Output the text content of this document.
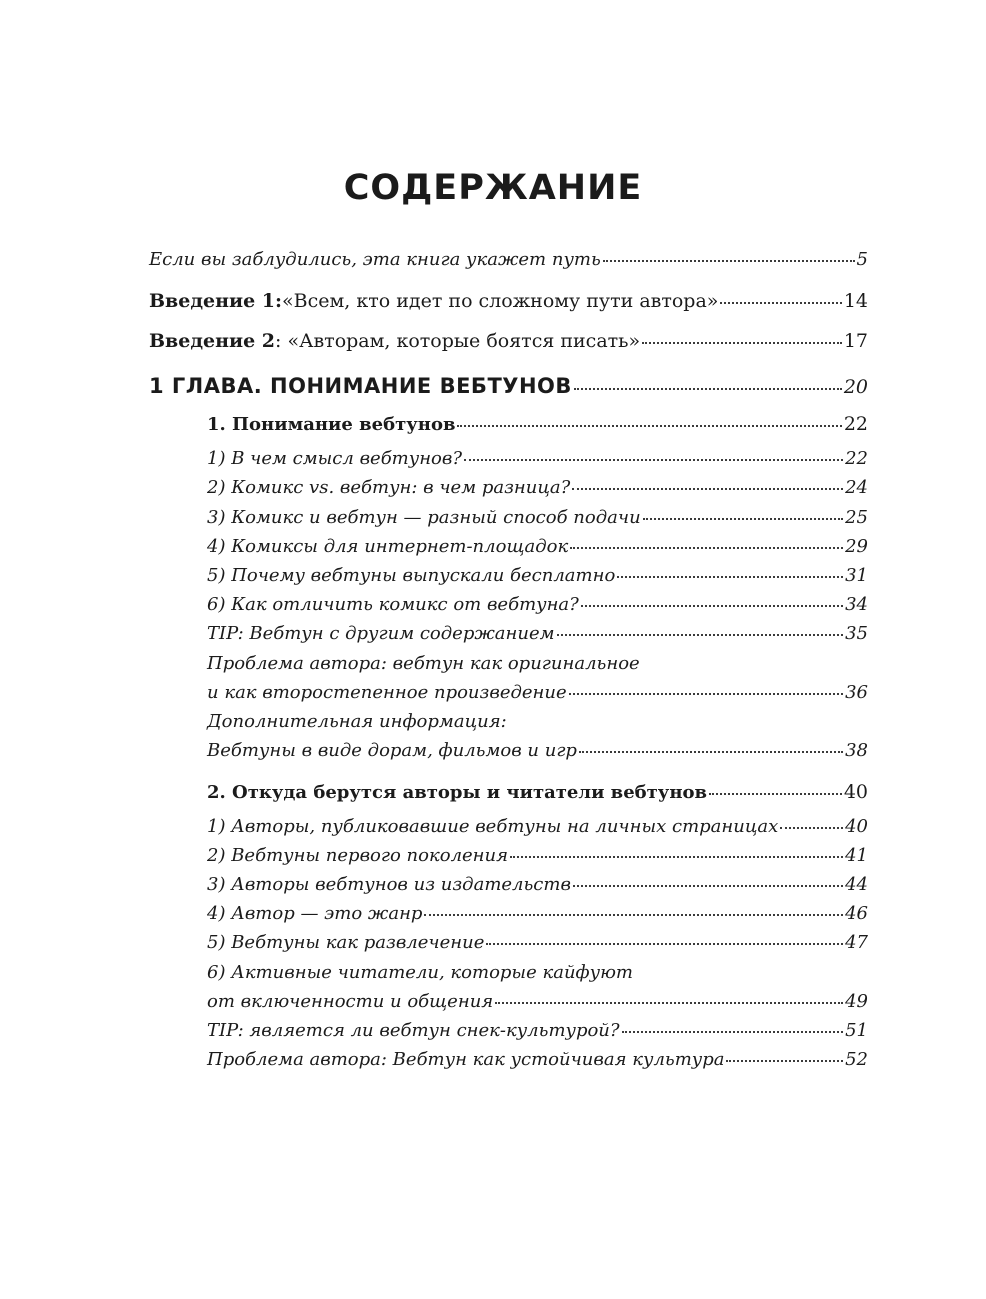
СОДЕРЖАНИЕ
Если вы заблудились, эта книга укажет путь	5
Введение 1: «Всем, кто идет по сложному пути автора»	14
Введение 2 : «Авторам, которые боятся писать»	17
1 ГЛАВА. ПОНИМАНИЕ ВЕБТУНОВ	20
1. Понимание вебтунов	22
1) В чем смысл вебтунов?	22
2) Комикс vs. вебтун: в чем разница?	24
3) Комикс и вебтун — разный способ подачи	25
4) Комиксы для интернет-площадок	29
5) Почему вебтуны выпускали бесплатно	31
6) Как отличить комикс от вебтуна?	34
TIP: Вебтун с другим содержанием	35
Проблема автора: вебтун как оригинальное
и как второстепенное произведение	36
Дополнительная информация:
Вебтуны в виде дорам, фильмов и игр	38
2. Откуда берутся авторы и читатели вебтунов	40
1) Авторы, публиковавшие вебтуны на личных страницах	40
2) Вебтуны первого поколения	41
3) Авторы вебтунов из издательств	44
4) Автор — это жанр	46
5) Вебтуны как развлечение	47
6) Активные читатели, которые кайфуют
от включенности и общения	49
TIP: является ли вебтун снек-культурой?	51
Проблема автора: Вебтун как устойчивая культура	52
